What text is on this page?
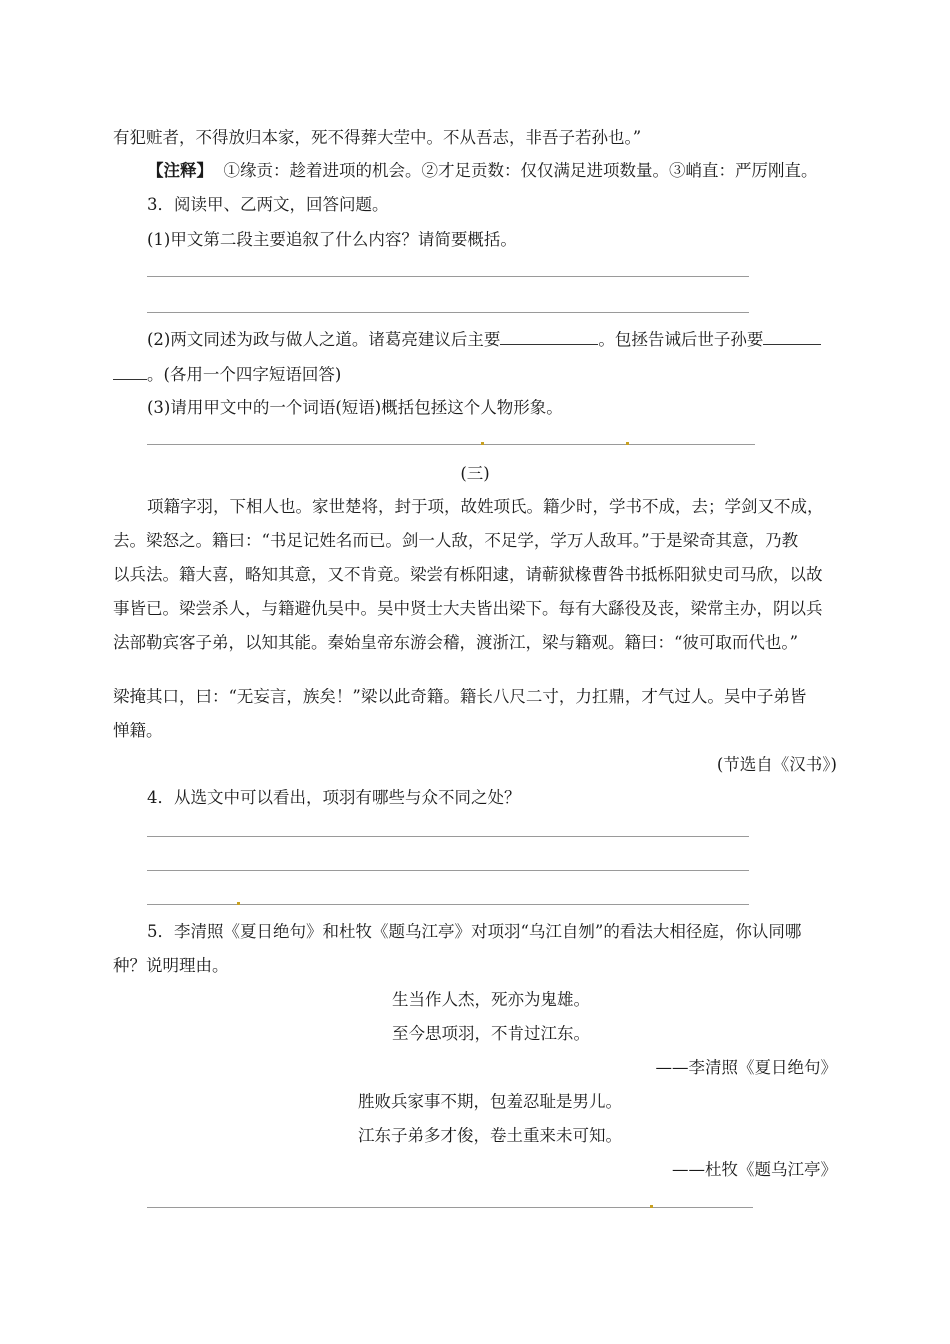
有犯赃者，不得放归本家，死不得葬大茔中。不从吾志，非吾子若孙也。”
【注释】 ①缘贡：趁着进项的机会。②才足贡数：仅仅满足进项数量。③峭直：严厉刚直。
3．阅读甲、乙两文，回答问题。
(1)甲文第二段主要追叙了什么内容？请简要概括。
(2)两文同述为政与做人之道。诸葛亮建议后主要	。包拯告诫后世子孙要
。(各用一个四字短语回答)
(3)请用甲文中的一个词语(短语)概括包拯这个人物形象。
(三)
项籍字羽，下相人也。家世楚将，封于项，故姓项氏。籍少时，学书不成，去；学剑又不成，
去。梁怒之。籍曰：“书足记姓名而已。剑一人敌，不足学，学万人敌耳。”于是梁奇其意，乃教
以兵法。籍大喜，略知其意，又不肯竟。梁尝有栎阳逮，请蕲狱椽曹咎书抵栎阳狱史司马欣，以故
事皆已。梁尝杀人，与籍避仇吴中。吴中贤士大夫皆出梁下。每有大繇役及丧，梁常主办，阴以兵
法部勒宾客子弟，以知其能。秦始皇帝东游会稽，渡浙江，梁与籍观。籍曰：“彼可取而代也。”
梁掩其口，曰：“无妄言，族矣！”梁以此奇籍。籍长八尺二寸，力扛鼎，才气过人。吴中子弟皆
惮籍。
(节选自《汉书》)
4．从选文中可以看出，项羽有哪些与众不同之处？
5．李清照《夏日绝句》和杜牧《题乌江亭》对项羽“乌江自刎”的看法大相径庭，你认同哪
种？说明理由。
生当作人杰，死亦为鬼雄。
至今思项羽，不肯过江东。
——李清照《夏日绝句》
胜败兵家事不期，包羞忍耻是男儿。
江东子弟多才俊，卷土重来未可知。
——杜牧《题乌江亭》
